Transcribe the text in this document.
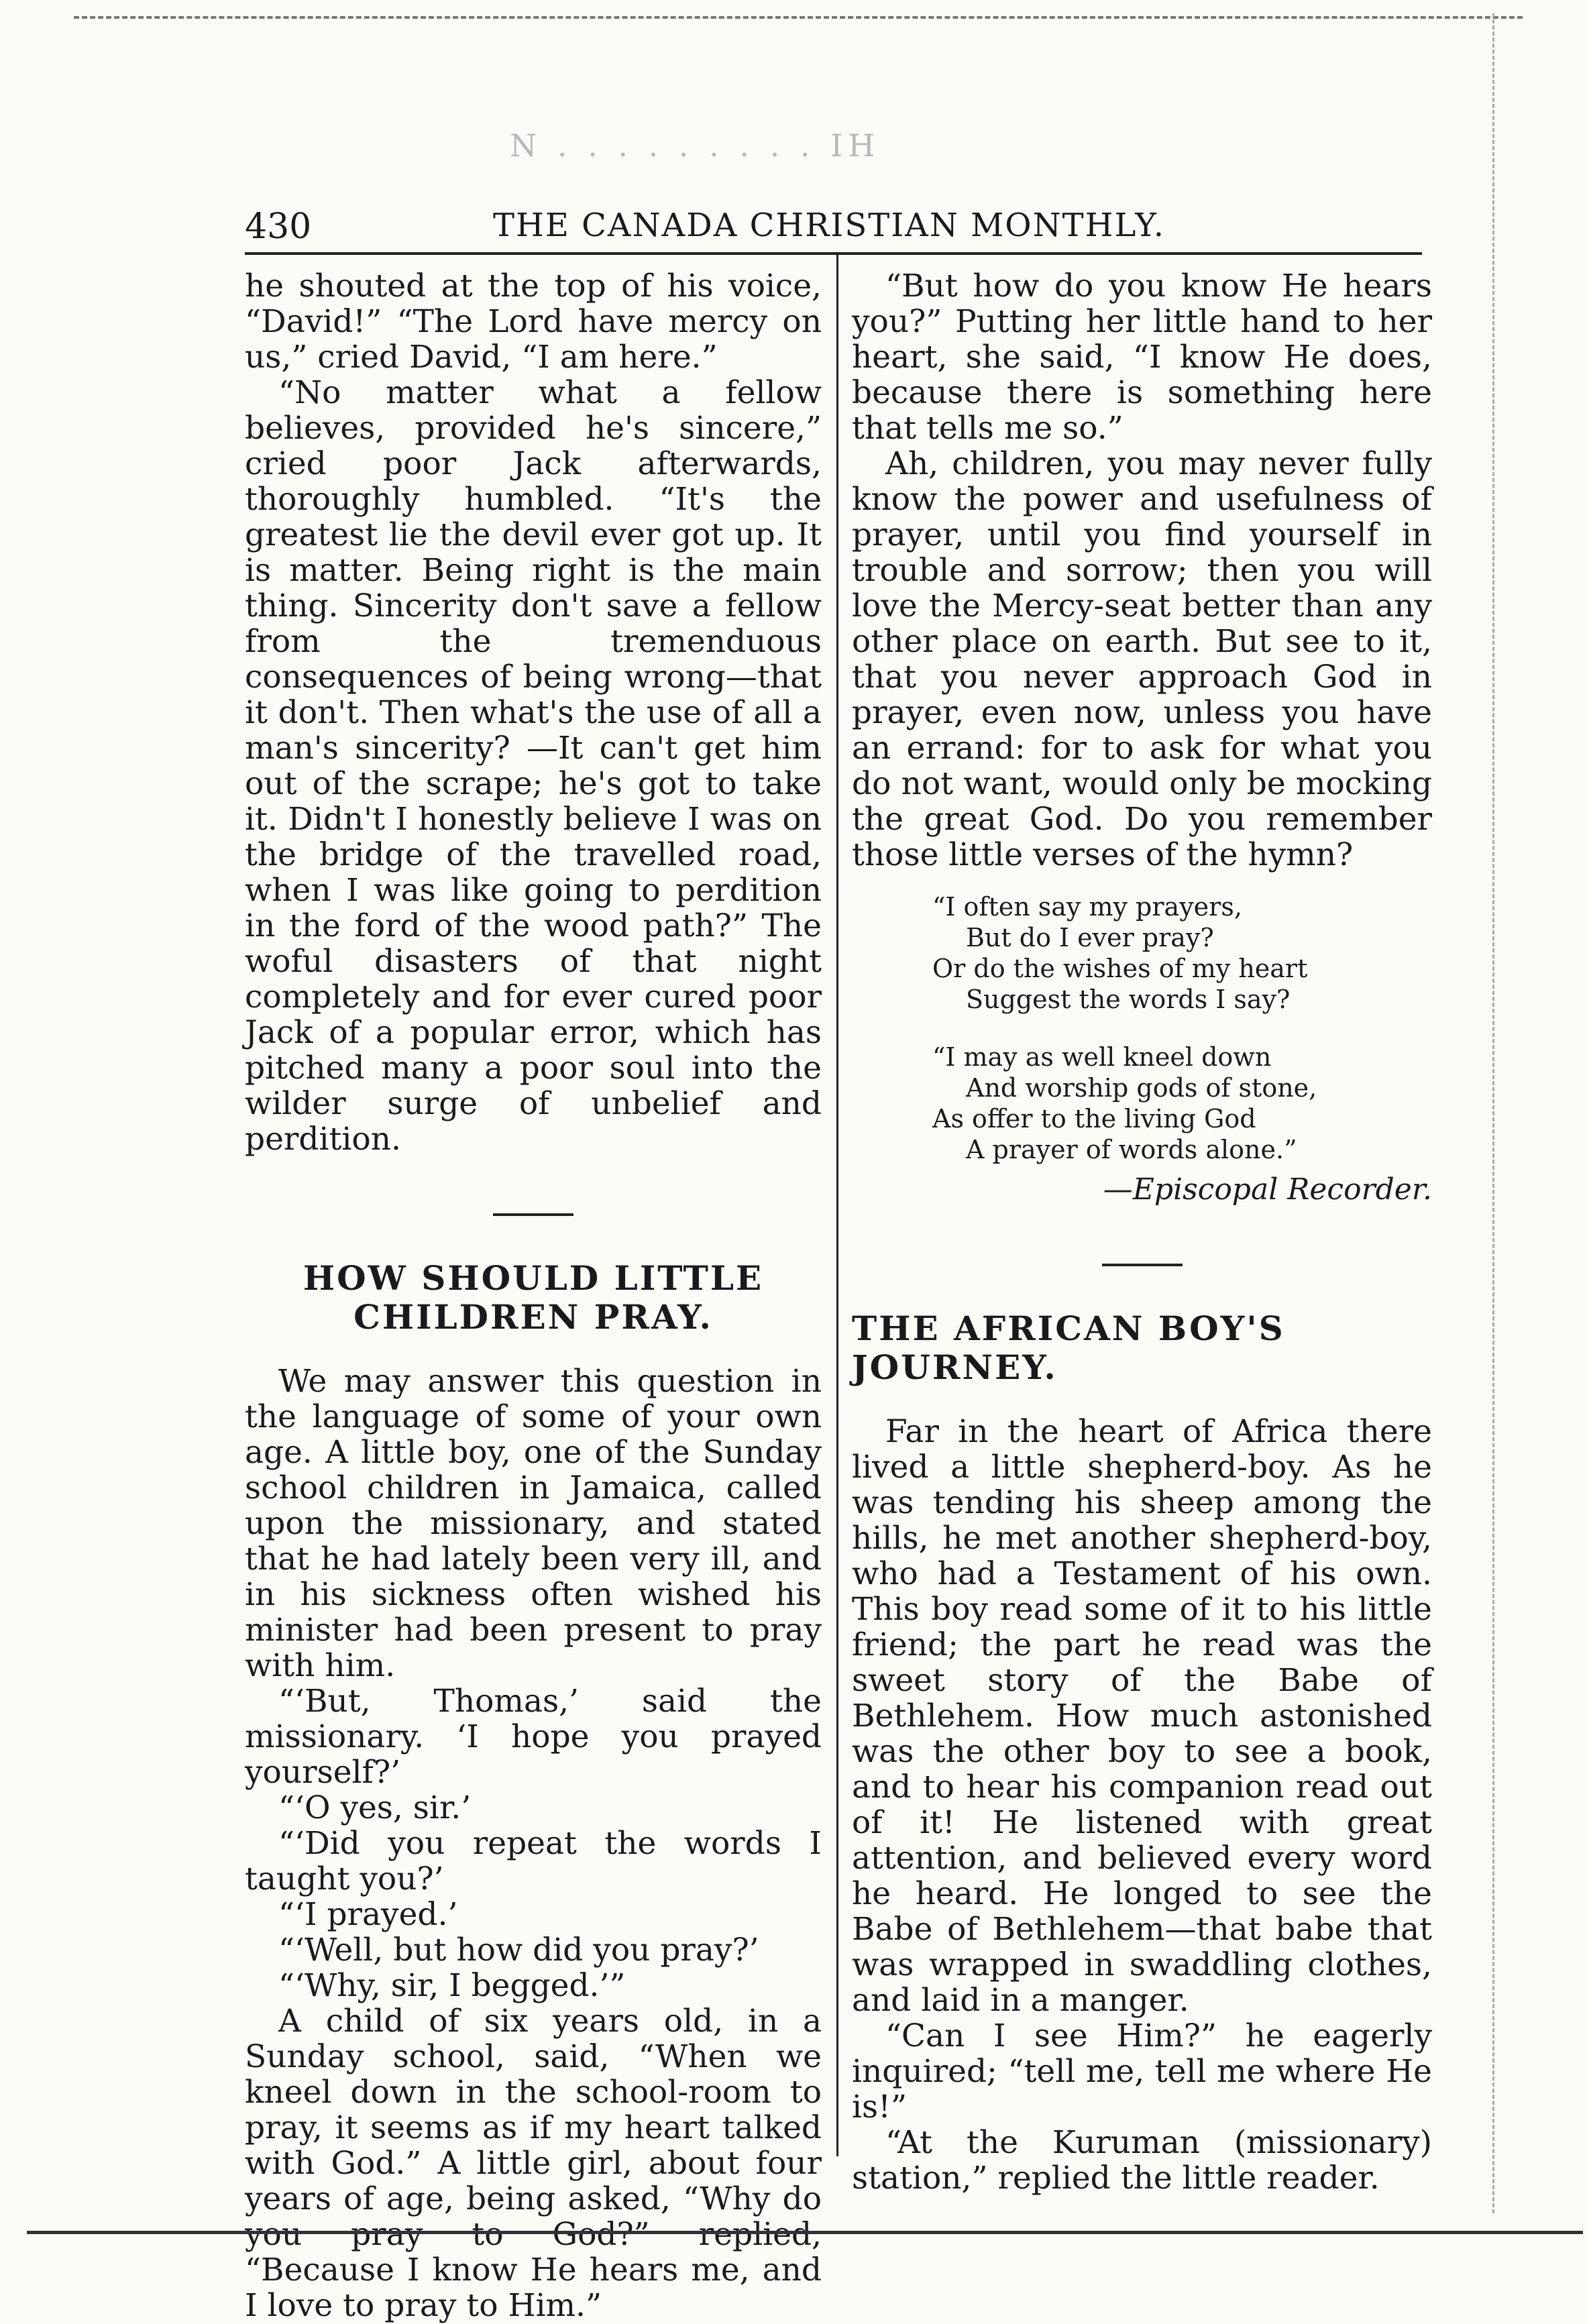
N . . . . . . . . . IH
430	THE CANADA CHRISTIAN MONTHLY.

he shouted at the top of his voice, “David!” “The Lord have mercy on us,” cried David, “I am here.”

“No matter what a fellow believes, provided he's sincere,” cried poor Jack afterwards, thoroughly humbled. “It's the greatest lie the devil ever got up. It is matter. Being right is the main thing. Sincerity don't save a fellow from the tremenduous consequences of being wrong—that it don't. Then what's the use of all a man's sincerity? —It can't get him out of the scrape; he's got to take it. Didn't I honestly believe I was on the bridge of the travelled road, when I was like going to perdition in the ford of the wood path?” The woful disasters of that night completely and for ever cured poor Jack of a popular error, which has pitched many a poor soul into the wilder surge of unbelief and perdition.

HOW SHOULD LITTLE CHILDREN PRAY.

We may answer this question in the language of some of your own age. A little boy, one of the Sunday school children in Jamaica, called upon the missionary, and stated that he had lately been very ill, and in his sickness often wished his minister had been present to pray with him.

“‘But, Thomas,’ said the missionary. ‘I hope you prayed yourself?’

“‘O yes, sir.’

“‘Did you repeat the words I taught you?’

“‘I prayed.’

“‘Well, but how did you pray?’

“‘Why, sir, I begged.’”

A child of six years old, in a Sunday school, said, “When we kneel down in the school-room to pray, it seems as if my heart talked with God.” A little girl, about four years of age, being asked, “Why do you pray to God?” replied, “Because I know He hears me, and I love to pray to Him.”

“But how do you know He hears you?” Putting her little hand to her heart, she said, “I know He does, because there is something here that tells me so.”

Ah, children, you may never fully know the power and usefulness of prayer, until you find yourself in trouble and sorrow; then you will love the Mercy-seat better than any other place on earth. But see to it, that you never approach God in prayer, even now, unless you have an errand: for to ask for what you do not want, would only be mocking the great God. Do you remember those little verses of the hymn?

“I often say my prayers,
But do I ever pray?
Or do the wishes of my heart
Suggest the words I say?
“I may as well kneel down
And worship gods of stone,
As offer to the living God
A prayer of words alone.”
—Episcopal Recorder.
THE AFRICAN BOY'S JOURNEY.

Far in the heart of Africa there lived a little shepherd-boy. As he was tending his sheep among the hills, he met another shepherd-boy, who had a Testament of his own. This boy read some of it to his little friend; the part he read was the sweet story of the Babe of Bethlehem. How much astonished was the other boy to see a book, and to hear his companion read out of it! He listened with great attention, and believed every word he heard. He longed to see the Babe of Bethlehem—that babe that was wrapped in swaddling clothes, and laid in a manger.

“Can I see Him?” he eagerly inquired; “tell me, tell me where He is!”

“At the Kuruman (missionary) station,” replied the little reader.
